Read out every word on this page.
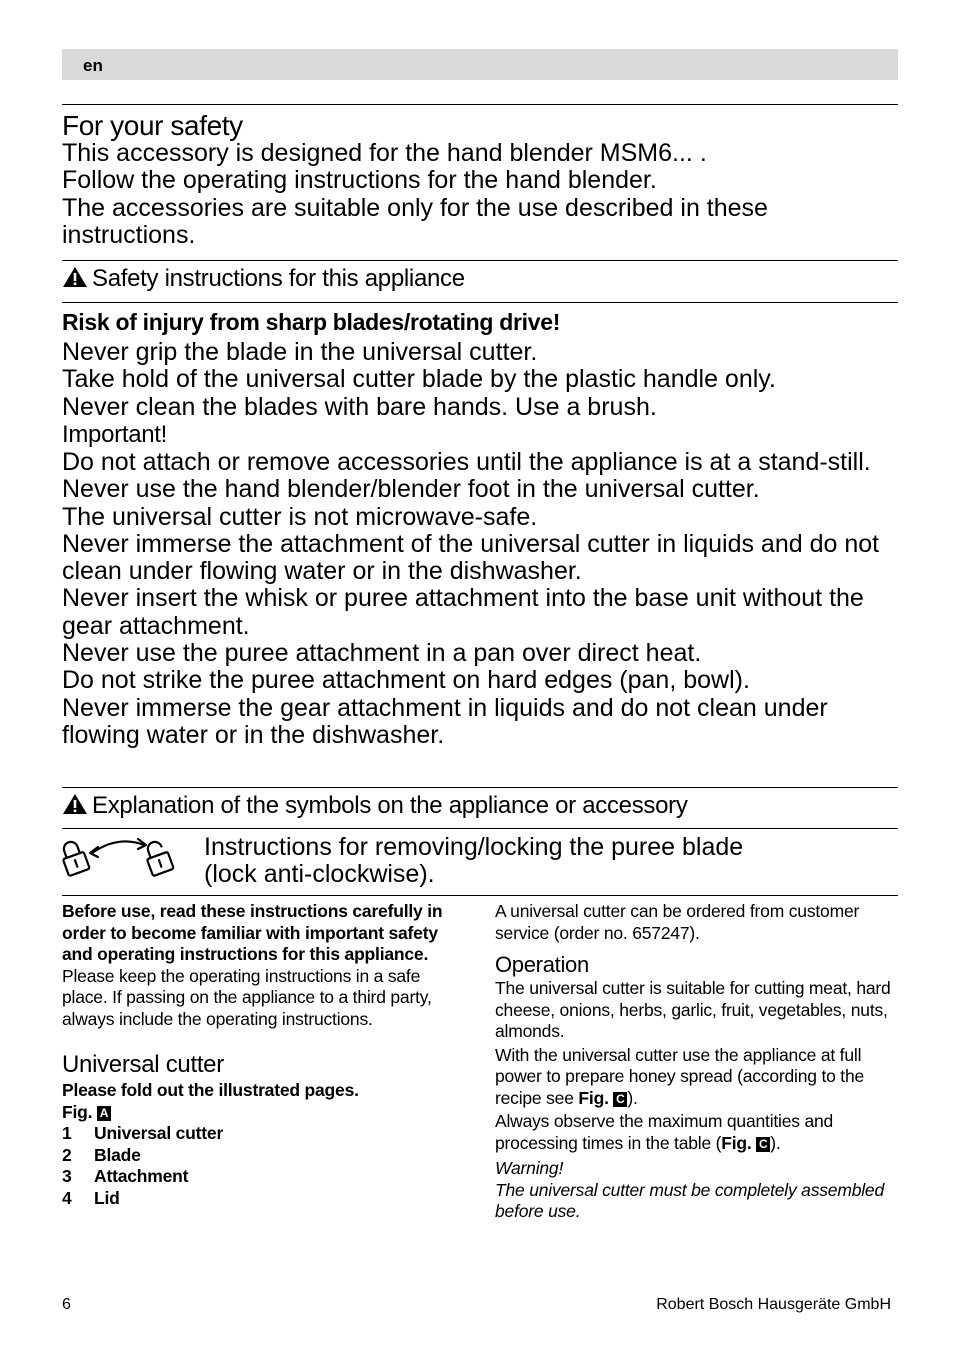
en
For your safety

This accessory is designed for the hand blender MSM6... .

Follow the operating instructions for the hand blender.

The accessories are suitable only for the use described in these instructions.

Safety instructions for this appliance
Risk of injury from sharp blades/rotating drive!

Never grip the blade in the universal cutter.

Take hold of the universal cutter blade by the plastic handle only.

Never clean the blades with bare hands. Use a brush.

Important!

Do not attach or remove accessories until the appliance is at a stand-still.

Never use the hand blender/blender foot in the universal cutter.

The universal cutter is not microwave-safe.

Never immerse the attachment of the universal cutter in liquids and do not clean under flowing water or in the dishwasher.

Never insert the whisk or puree attachment into the base unit without the gear attachment.

Never use the puree attachment in a pan over direct heat.

Do not strike the puree attachment on hard edges (pan, bowl).

Never immerse the gear attachment in liquids and do not clean under flowing water or in the dishwasher.

Explanation of the symbols on the appliance or accessory

Instructions for removing/locking the puree blade

(lock anti-clockwise).

Before use, read these instructions carefully in order to become familiar with important safety and operating instructions for this appliance.

Please keep the operating instructions in a safe place. If passing on the appliance to a third party, always include the operating instructions.

Universal cutter

Please fold out the illustrated pages.

Fig. A

1	Universal cutter
2	Blade
3	Attachment
4	Lid

A universal cutter can be ordered from customer service (order no. 657247).

Operation

The universal cutter is suitable for cutting meat, hard cheese, onions, herbs, garlic, fruit, vegetables, nuts, almonds.

With the universal cutter use the appliance at full power to prepare honey spread (according to the recipe see Fig. C ).

Always observe the maximum quantities and processing times in the table (Fig. C ).

Warning!

The universal cutter must be completely assembled before use.

6	Robert Bosch Hausgeräte GmbH
